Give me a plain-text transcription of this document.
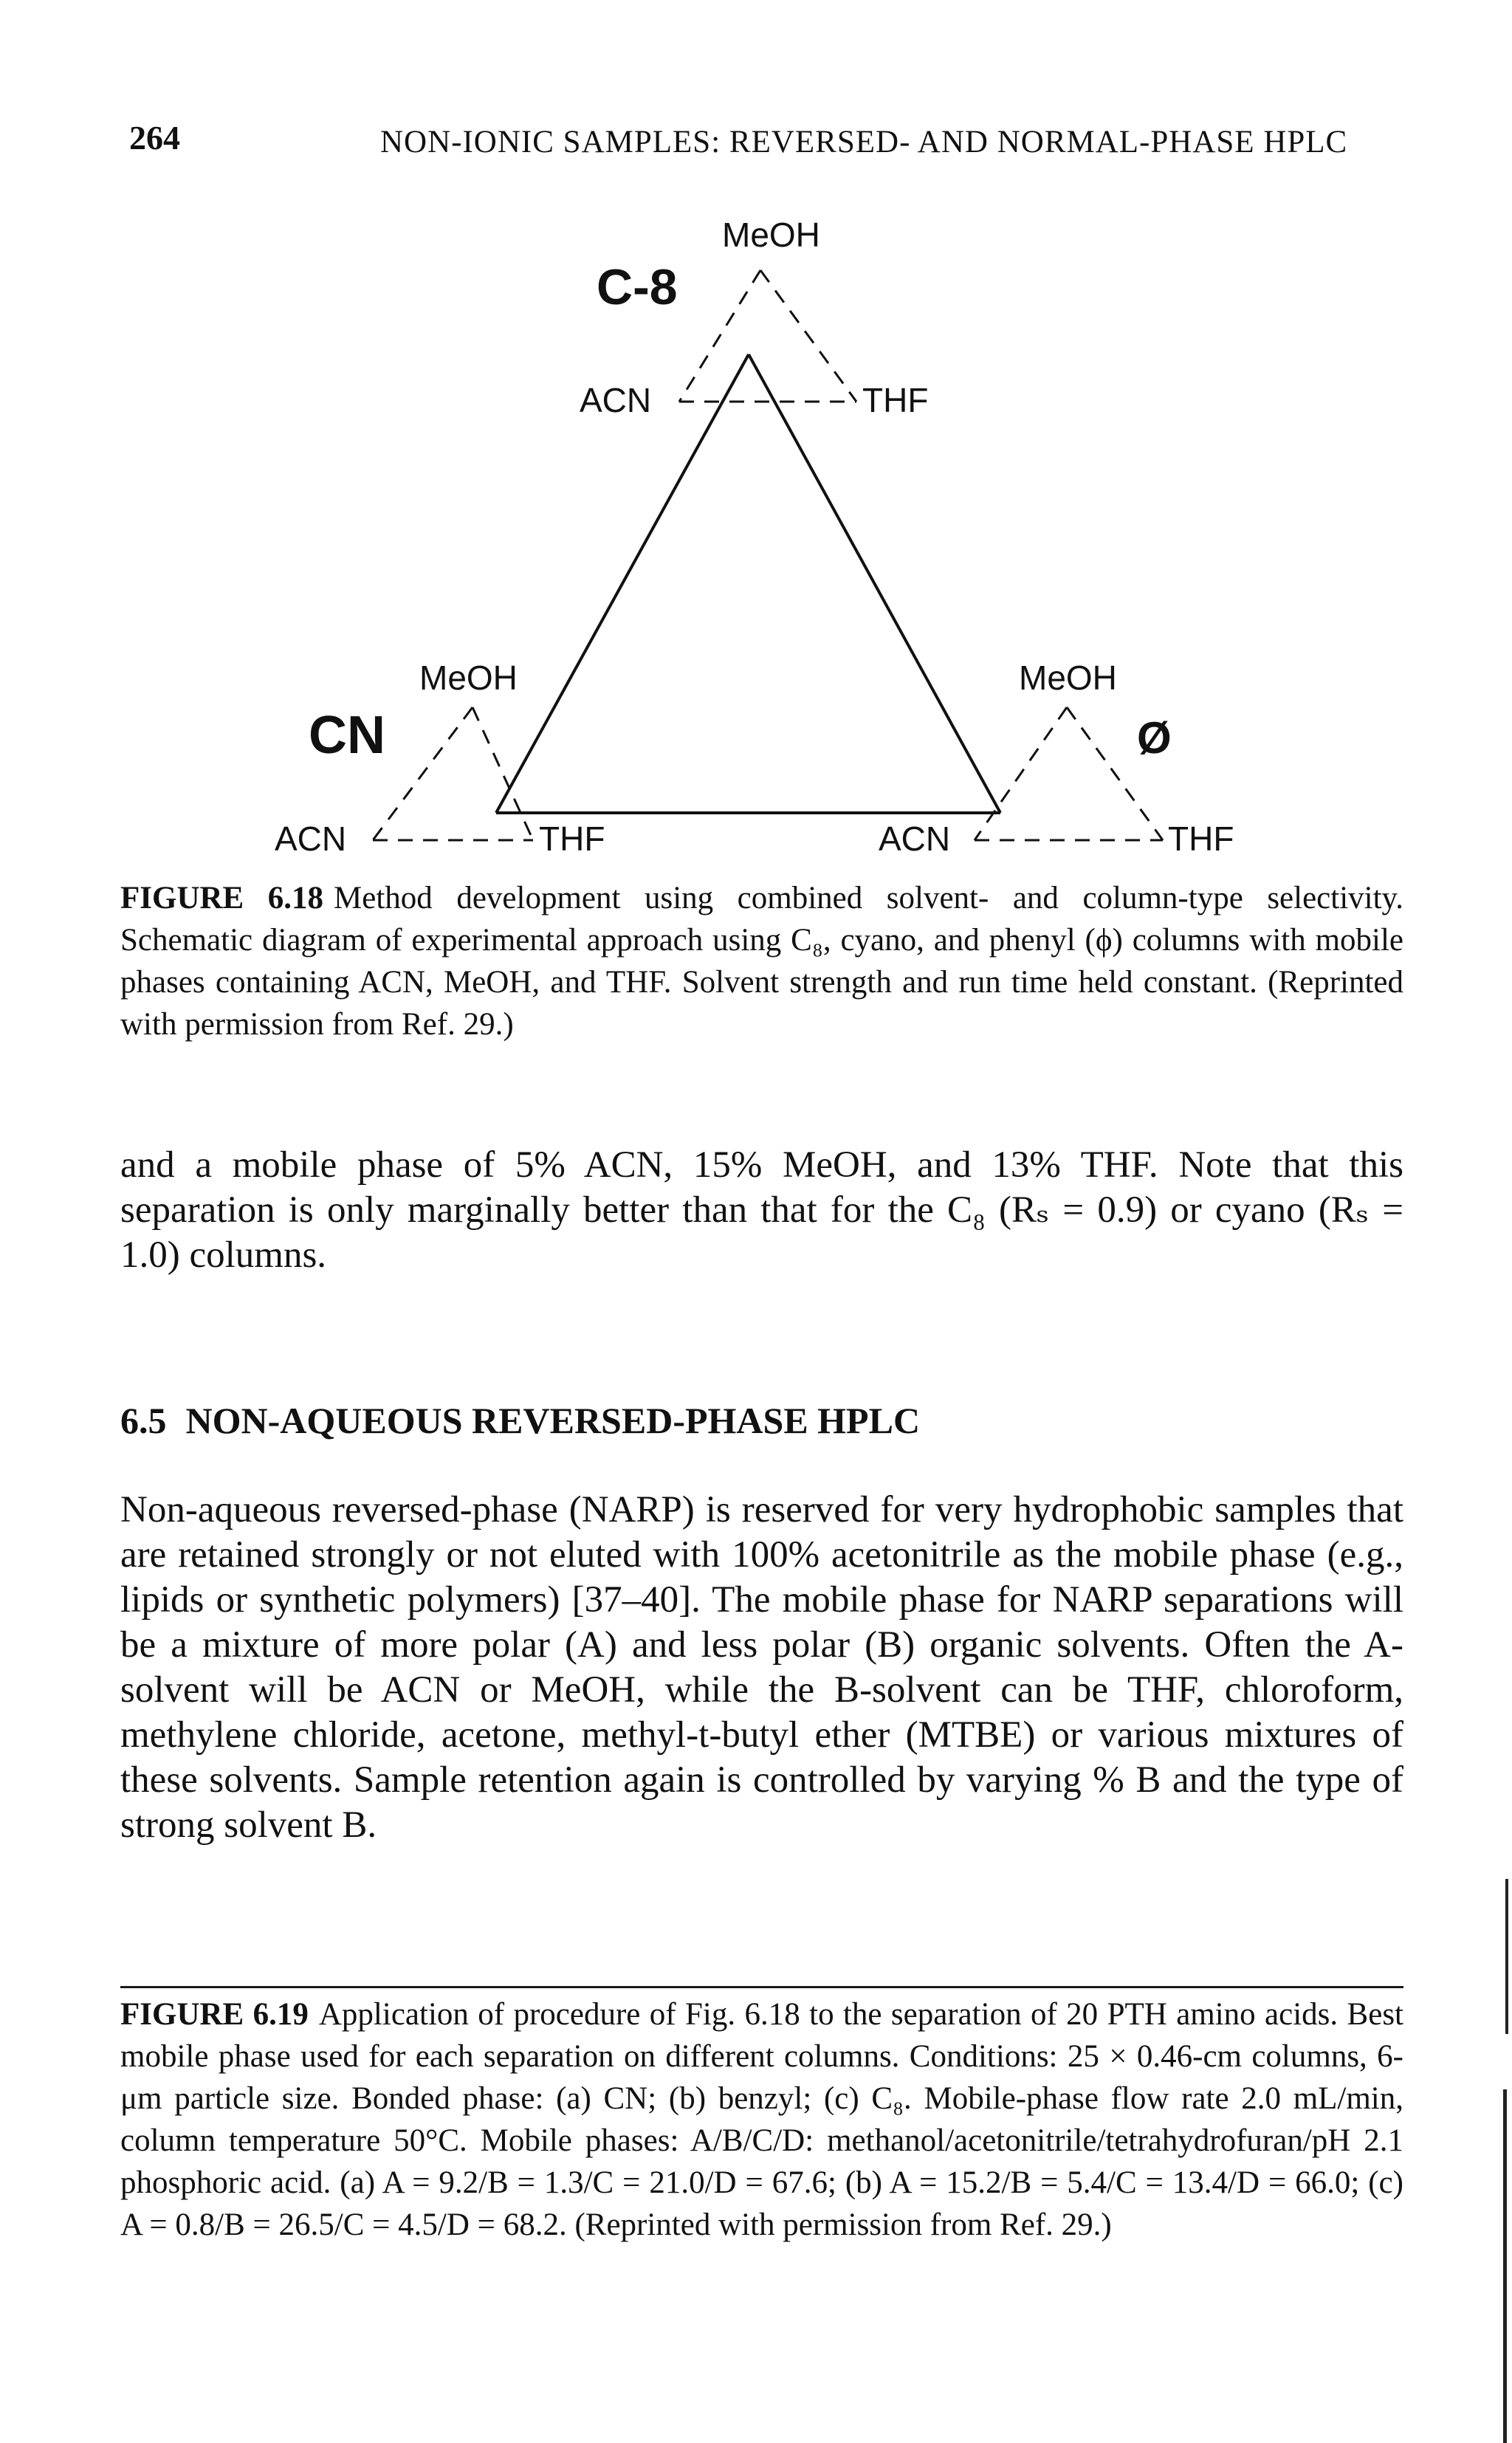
264	NON-IONIC SAMPLES: REVERSED- AND NORMAL-PHASE HPLC
C-8
CN	Ø
MeOH
ACN	THF
MeOH
ACN	THF
MeOH
ACN	THF
FIGURE 6.18 Method development using combined solvent- and column-type selectivity. Schematic diagram of experimental approach using C₈, cyano, and phenyl (ϕ) columns with mobile phases containing ACN, MeOH, and THF. Solvent strength and run time held constant. (Reprinted with permission from Ref. 29.)
and a mobile phase of 5% ACN, 15% MeOH, and 13% THF. Note that this separation is only marginally better than that for the C₈ (Rₛ = 0.9) or cyano (Rₛ = 1.0) columns.
6.5 NON-AQUEOUS REVERSED-PHASE HPLC
Non-aqueous reversed-phase (NARP) is reserved for very hydrophobic samples that are retained strongly or not eluted with 100% acetonitrile as the mobile phase (e.g., lipids or synthetic polymers) [37–40]. The mobile phase for NARP separations will be a mixture of more polar (A) and less polar (B) organic solvents. Often the A-solvent will be ACN or MeOH, while the B-solvent can be THF, chloroform, methylene chloride, acetone, methyl-t-butyl ether (MTBE) or various mixtures of these solvents. Sample retention again is controlled by varying % B and the type of strong solvent B.
FIGURE 6.19 Application of procedure of Fig. 6.18 to the separation of 20 PTH amino acids. Best mobile phase used for each separation on different columns. Conditions: 25 × 0.46-cm columns, 6-μm particle size. Bonded phase: (a) CN; (b) benzyl; (c) C₈. Mobile-phase flow rate 2.0 mL/min, column temperature 50°C. Mobile phases: A/B/C/D: methanol/acetonitrile/tetrahydrofuran/pH 2.1 phosphoric acid. (a) A = 9.2/B = 1.3/C = 21.0/D = 67.6; (b) A = 15.2/B = 5.4/C = 13.4/D = 66.0; (c) A = 0.8/B = 26.5/C = 4.5/D = 68.2. (Reprinted with permission from Ref. 29.)
